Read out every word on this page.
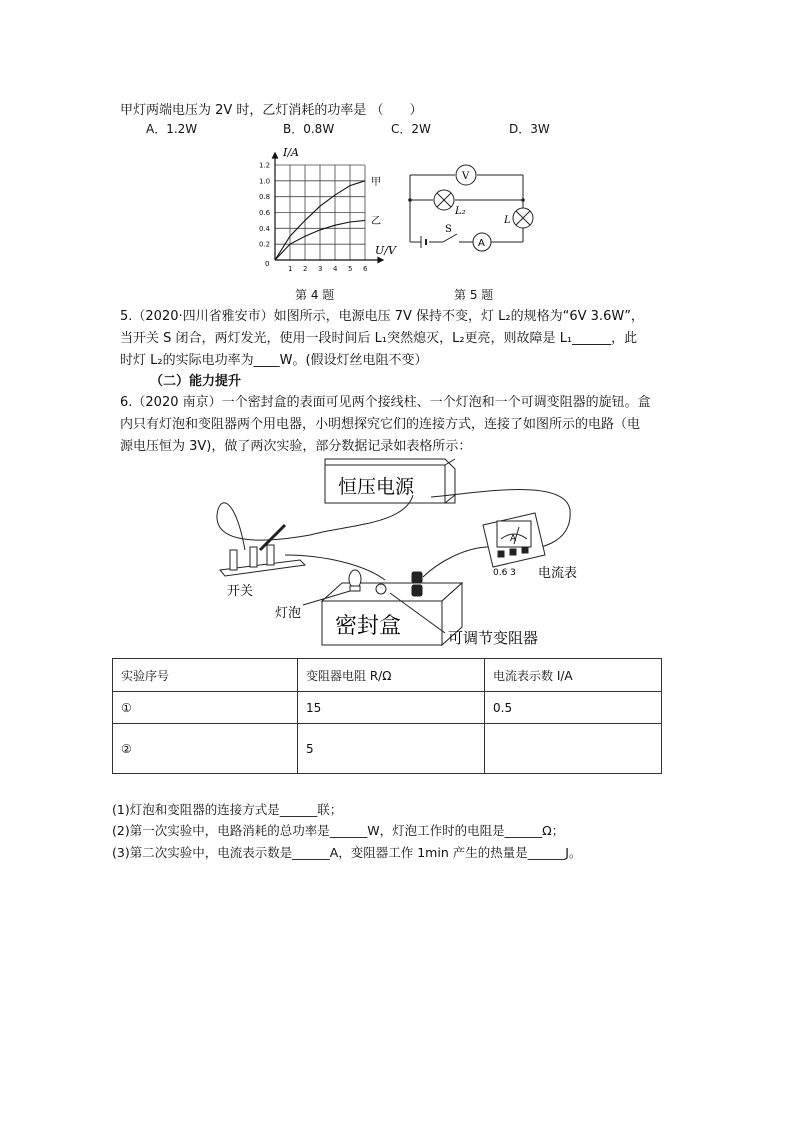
甲灯两端电压为 2V 时，乙灯消耗的功率是 （　　）
A．1.2W	B．0.8W	C．2W	D．3W
1 2 3 4 5 6
1.2
1.0
0.8
0.6
0.4
0.2
I/A
U/V
0
甲
乙
V
A
L₂
L
S
第 4 题	第 5 题
5.（2020·四川省雅安市）如图所示，电源电压 7V 保持不变，灯 L₂的规格为“6V 3.6W”，
当开关 S 闭合，两灯发光，使用一段时间后 L₁突然熄灭，L₂更亮，则故障是 L₁______，此
时灯 L₂的实际电功率为____W。(假设灯丝电阻不变）
（二）能力提升
6.（2020 南京）一个密封盒的表面可见两个接线柱、一个灯泡和一个可调变阻器的旋钮。盒
内只有灯泡和变阻器两个用电器，小明想探究它们的连接方式，连接了如图所示的电路（电
源电压恒为 3V)，做了两次实验，部分数据记录如表格所示：
恒压电源
开关
A
0.6 3 电流表
灯泡
密封盒	可调节变阻器
实验序号	变阻器电阻 R/Ω	电流表示数 I/A
①	15	0.5
②	5	
(1)灯泡和变阻器的连接方式是______联；
(2)第一次实验中，电路消耗的总功率是______W，灯泡工作时的电阻是______Ω；
(3)第二次实验中，电流表示数是______A，变阻器工作 1min 产生的热量是______J。
